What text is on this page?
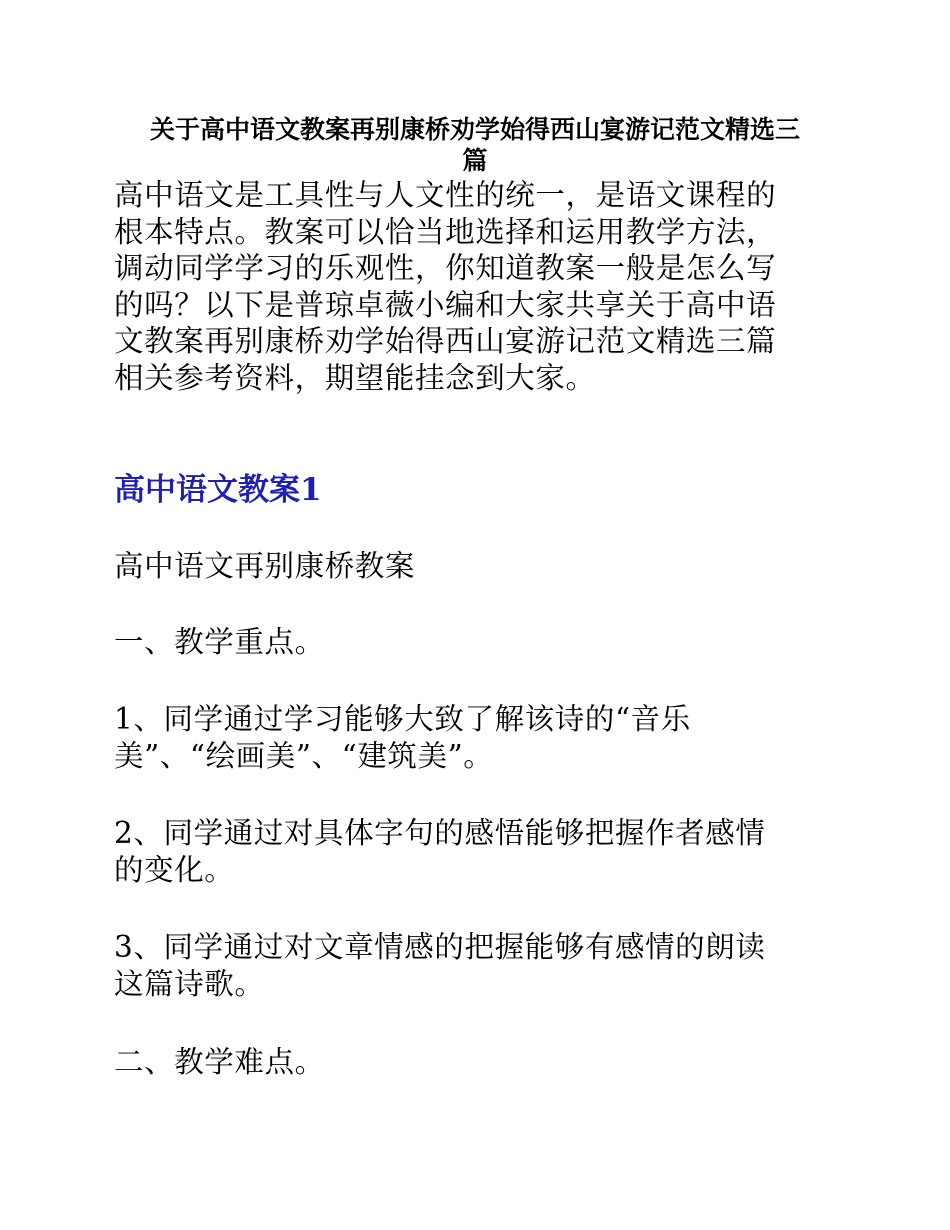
关于高中语文教案再别康桥劝学始得西山宴游记范文精选三
篇
高中语文是工具性与人文性的统一，是语文课程的
根本特点。教案可以恰当地选择和运用教学方法，
调动同学学习的乐观性，你知道教案一般是怎么写
的吗？以下是普琼卓薇小编和大家共享关于高中语
文教案再别康桥劝学始得西山宴游记范文精选三篇
相关参考资料，期望能挂念到大家。
高中语文教案1

高中语文再别康桥教案

一、教学重点。

1、同学通过学习能够大致了解该诗的“音乐
美”、“绘画美”、“建筑美”。

2、同学通过对具体字句的感悟能够把握作者感情
的变化。

3、同学通过对文章情感的把握能够有感情的朗读
这篇诗歌。

二、教学难点。
